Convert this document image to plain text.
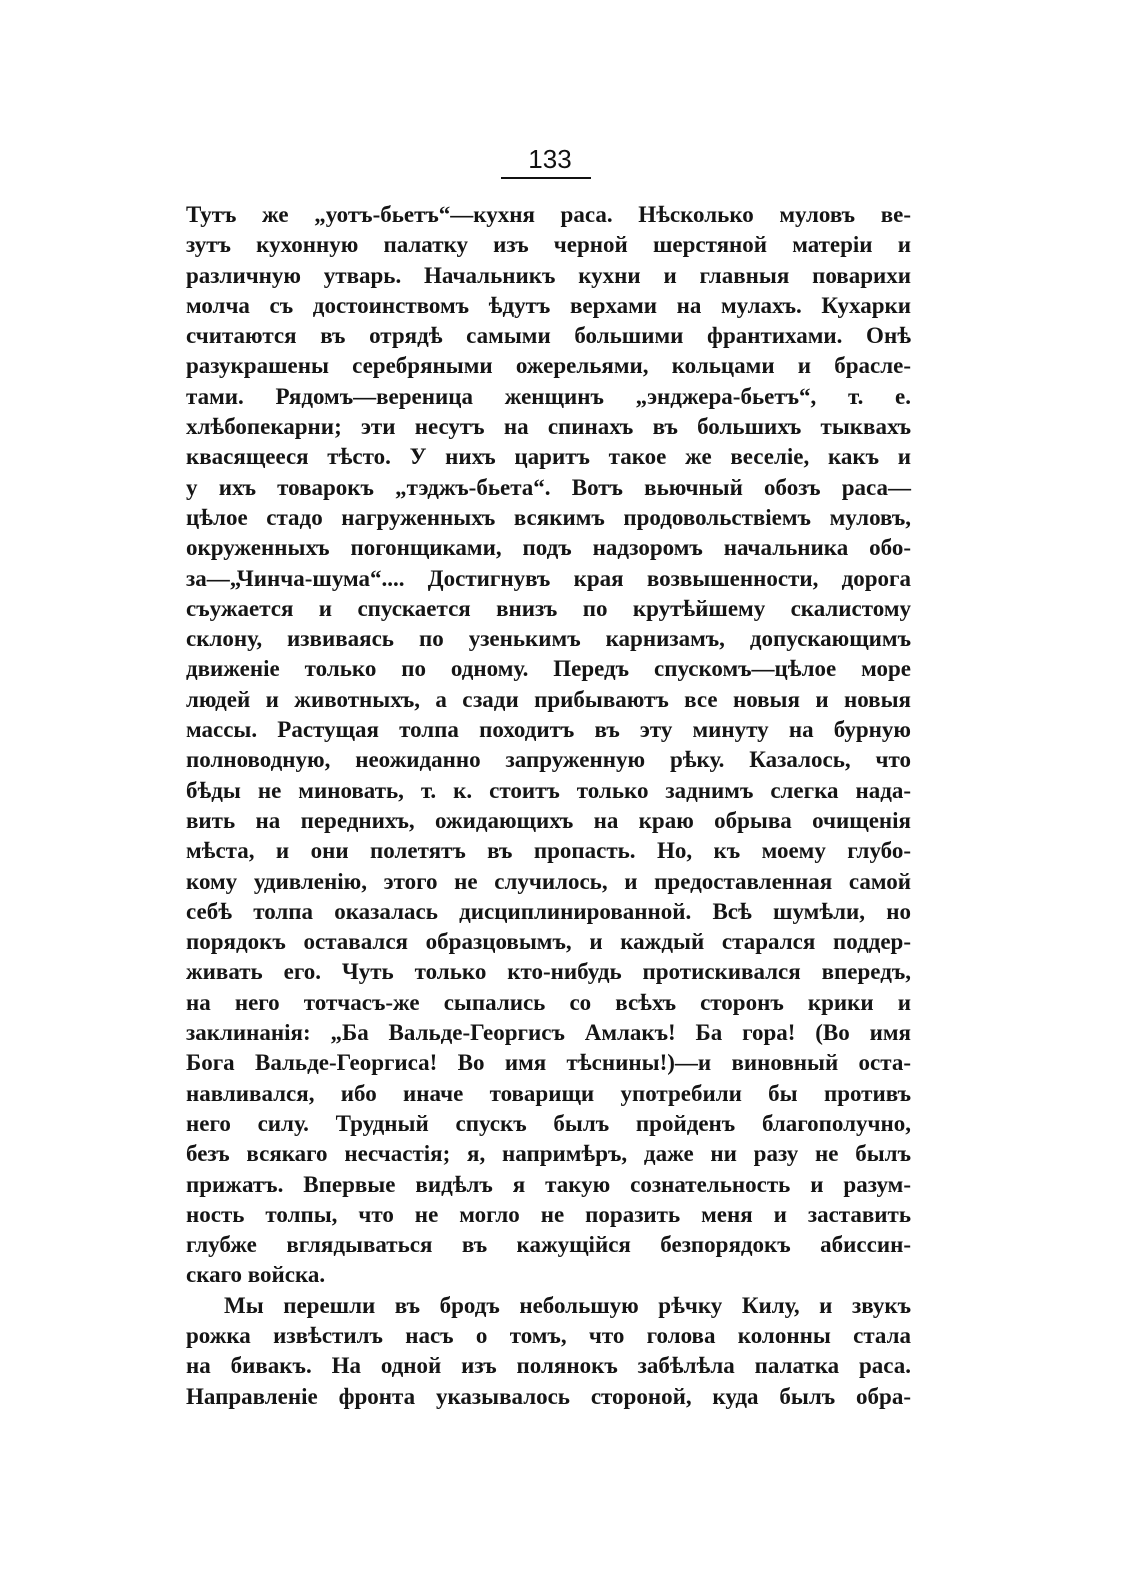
133
Тутъ же „уотъ-бьетъ“—кухня раса. Нѣсколько муловъ ве-
зутъ кухонную палатку изъ черной шерстяной матеріи и
различную утварь. Начальникъ кухни и главныя поварихи
молча съ достоинствомъ ѣдутъ верхами на мулахъ. Кухарки
считаются въ отрядѣ самыми большими франтихами. Онѣ
разукрашены серебряными ожерельями, кольцами и брасле-
тами. Рядомъ—вереница женщинъ „энджера-бьетъ“, т. е.
хлѣбопекарни; эти несутъ на спинахъ въ большихъ тыквахъ
квасящееся тѣсто. У нихъ царитъ такое же веселіе, какъ и
у ихъ товарокъ „тэджъ-бьета“. Вотъ вьючный обозъ раса—
цѣлое стадо нагруженныхъ всякимъ продовольствіемъ муловъ,
окруженныхъ погонщиками, подъ надзоромъ начальника обо-
за—„Чинча-шума“.... Достигнувъ края возвышенности, дорога
съужается и спускается внизъ по крутѣйшему скалистому
склону, извиваясь по узенькимъ карнизамъ, допускающимъ
движеніе только по одному. Передъ спускомъ—цѣлое море
людей и животныхъ, а сзади прибываютъ все новыя и новыя
массы. Растущая толпа походитъ въ эту минуту на бурную
полноводную, неожиданно запруженную рѣку. Казалось, что
бѣды не миновать, т. к. стоитъ только заднимъ слегка нада-
вить на переднихъ, ожидающихъ на краю обрыва очищенія
мѣста, и они полетятъ въ пропасть. Но, къ моему глубо-
кому удивленію, этого не случилось, и предоставленная самой
себѣ толпа оказалась дисциплинированной. Всѣ шумѣли, но
порядокъ оставался образцовымъ, и каждый старался поддер-
живать его. Чуть только кто-нибудь протискивался впередъ,
на него тотчасъ-же сыпались со всѣхъ сторонъ крики и
заклинанія: „Ба Вальде-Георгисъ Амлакъ! Ба гора! (Во имя
Бога Вальде-Георгиса! Во имя тѣснины!)—и виновный оста-
навливался, ибо иначе товарищи употребили бы противъ
него силу. Трудный спускъ былъ пройденъ благополучно,
безъ всякаго несчастія; я, напримѣръ, даже ни разу не былъ
прижатъ. Впервые видѣлъ я такую сознательность и разум-
ность толпы, что не могло не поразить меня и заставить
глубже вглядываться въ кажущійся безпорядокъ абиссин-
скаго войска.
Мы перешли въ бродъ небольшую рѣчку Килу, и звукъ
рожка извѣстилъ насъ о томъ, что голова колонны стала
на бивакъ. На одной изъ полянокъ забѣлѣла палатка раса.
Направленіе фронта указывалось стороной, куда былъ обра-
